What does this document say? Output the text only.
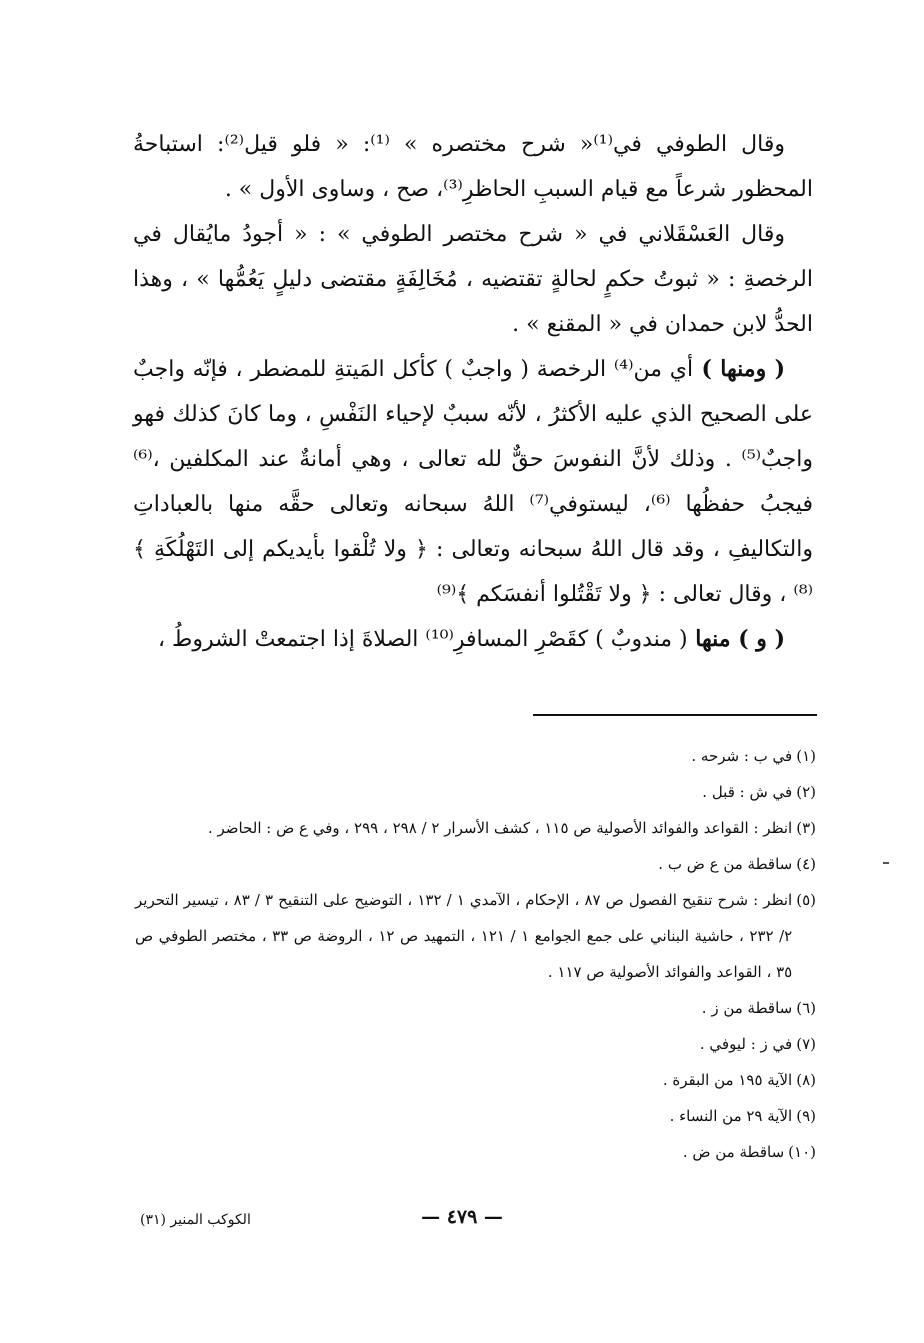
وقال الطوفي في⁽¹⁾« شرح مختصره » ⁽¹⁾: « فلو قيل⁽²⁾: استباحةُ المحظور شرعاً مع قيام السببِ الحاظرِ⁽³⁾، صح ، وساوى الأول » .

وقال العَسْقَلاني في « شرح مختصر الطوفي » : « أجودُ مايُقال في الرخصةِ : « ثبوتُ حكمٍ لحالةٍ تقتضيه ، مُخَالِفَةٍ مقتضى دليلٍ يَعُمُّها » ، وهذا الحدُّ لابن حمدان في « المقنع » .

( ومنها ) أي من⁽⁴⁾ الرخصة ( واجبٌ ) كأكل المَيتةِ للمضطر ، فإنّه واجبٌ على الصحيح الذي عليه الأكثرُ ، لأنّه سببٌ لإحياء النَفْسِ ، وما كانَ كذلك فهو واجبٌ⁽⁵⁾ . وذلك لأنَّ النفوسَ حقٌّ لله تعالى ، وهي أمانةٌ عند المكلفين ،⁽⁶⁾ فيجبُ حفظُها ⁽⁶⁾، ليستوفي⁽⁷⁾ اللهُ سبحانه وتعالى حقَّه منها بالعباداتِ والتكاليفِ ، وقد قال اللهُ سبحانه وتعالى : ﴿ ولا تُلْقوا بأيديكم إلى التَهْلُكَةِ ﴾⁽⁸⁾ ، وقال تعالى : ﴿ ولا تَقْتُلوا أنفسَكم ﴾⁽⁹⁾

( و ) منها ( مندوبٌ ) كقَصْرِ المسافرِ⁽¹⁰⁾ الصلاةَ إذا اجتمعتْ الشروطُ ،

(١)
في ب : شرحه .
(٢)
في ش : قبل .
(٣)
انظر : القواعد والفوائد الأصولية ص ١١٥ ، كشف الأسرار ٢ / ٢٩٨ ، ٢٩٩ ، وفي ع ض : الحاضر .
(٤)
ساقطة من ع ض ب .
(٥)
انظر : شرح تنقيح الفصول ص ٨٧ ، الإحكام ، الآمدي ١ / ١٣٢ ، التوضيح على التنقيح ٣ / ٨٣ ، تيسير التحرير ٢/ ٢٣٢ ، حاشية البناني على جمع الجوامع ١ / ١٢١ ، التمهيد ص ١٢ ، الروضة ص ٣٣ ، مختصر الطوفي ص ٣٥ ، القواعد والفوائد الأصولية ص ١١٧ .
(٦)
ساقطة من ز .
(٧)
في ز : ليوفي .
(٨)
الآية ١٩٥ من البقرة .
(٩)
الآية ٢٩ من النساء .
(١٠)
ساقطة من ض .
— ٤٧٩ —
الكوكب المنير (٣١)
